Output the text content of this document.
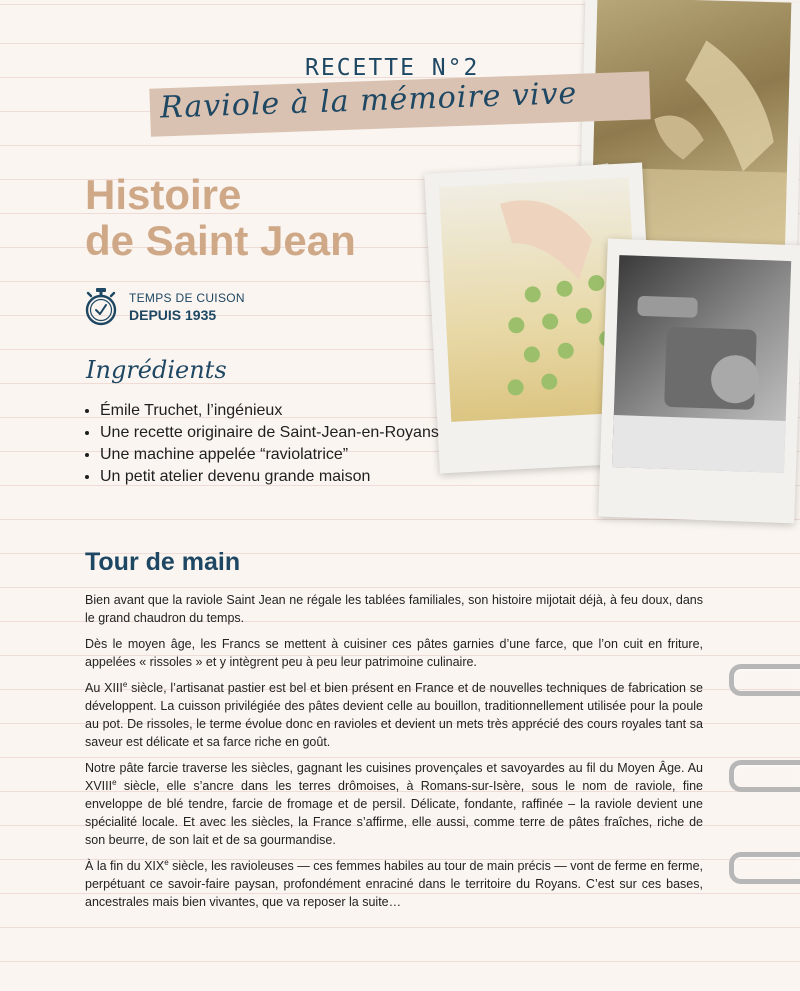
RECETTE N°2
Raviole à la mémoire vive
Histoire
de Saint Jean
TEMPS DE CUISON
DEPUIS 1935
Ingrédients
• Émile Truchet, l’ingénieux
• Une recette originaire de Saint-Jean-en-Royans
• Une machine appelée “raviolatrice”
• Un petit atelier devenu grande maison
Tour de main

Bien avant que la raviole Saint Jean ne régale les tablées familiales, son histoire mijotait déjà, à feu doux, dans le grand chaudron du temps.

Dès le moyen âge, les Francs se mettent à cuisiner ces pâtes garnies d’une farce, que l’on cuit en friture, appelées « rissoles » et y intègrent peu à peu leur patrimoine culinaire.

Au XIIIe siècle, l’artisanat pastier est bel et bien présent en France et de nouvelles techniques de fabrication se développent. La cuisson privilégiée des pâtes devient celle au bouillon, traditionnellement utilisée pour la poule au pot. De rissoles, le terme évolue donc en ravioles et devient un mets très apprécié des cours royales tant sa saveur est délicate et sa farce riche en goût.

Notre pâte farcie traverse les siècles, gagnant les cuisines provençales et savoyardes au fil du Moyen Âge. Au XVIIIe siècle, elle s’ancre dans les terres drômoises, à Romans-sur-Isère, sous le nom de raviole, fine enveloppe de blé tendre, farcie de fromage et de persil. Délicate, fondante, raffinée – la raviole devient une spécialité locale. Et avec les siècles, la France s’affirme, elle aussi, comme terre de pâtes fraîches, riche de son beurre, de son lait et de sa gourmandise.

À la fin du XIXe siècle, les ravioleuses — ces femmes habiles au tour de main précis — vont de ferme en ferme, perpétuant ce savoir-faire paysan, profondément enraciné dans le territoire du Royans. C’est sur ces bases, ancestrales mais bien vivantes, que va reposer la suite…
